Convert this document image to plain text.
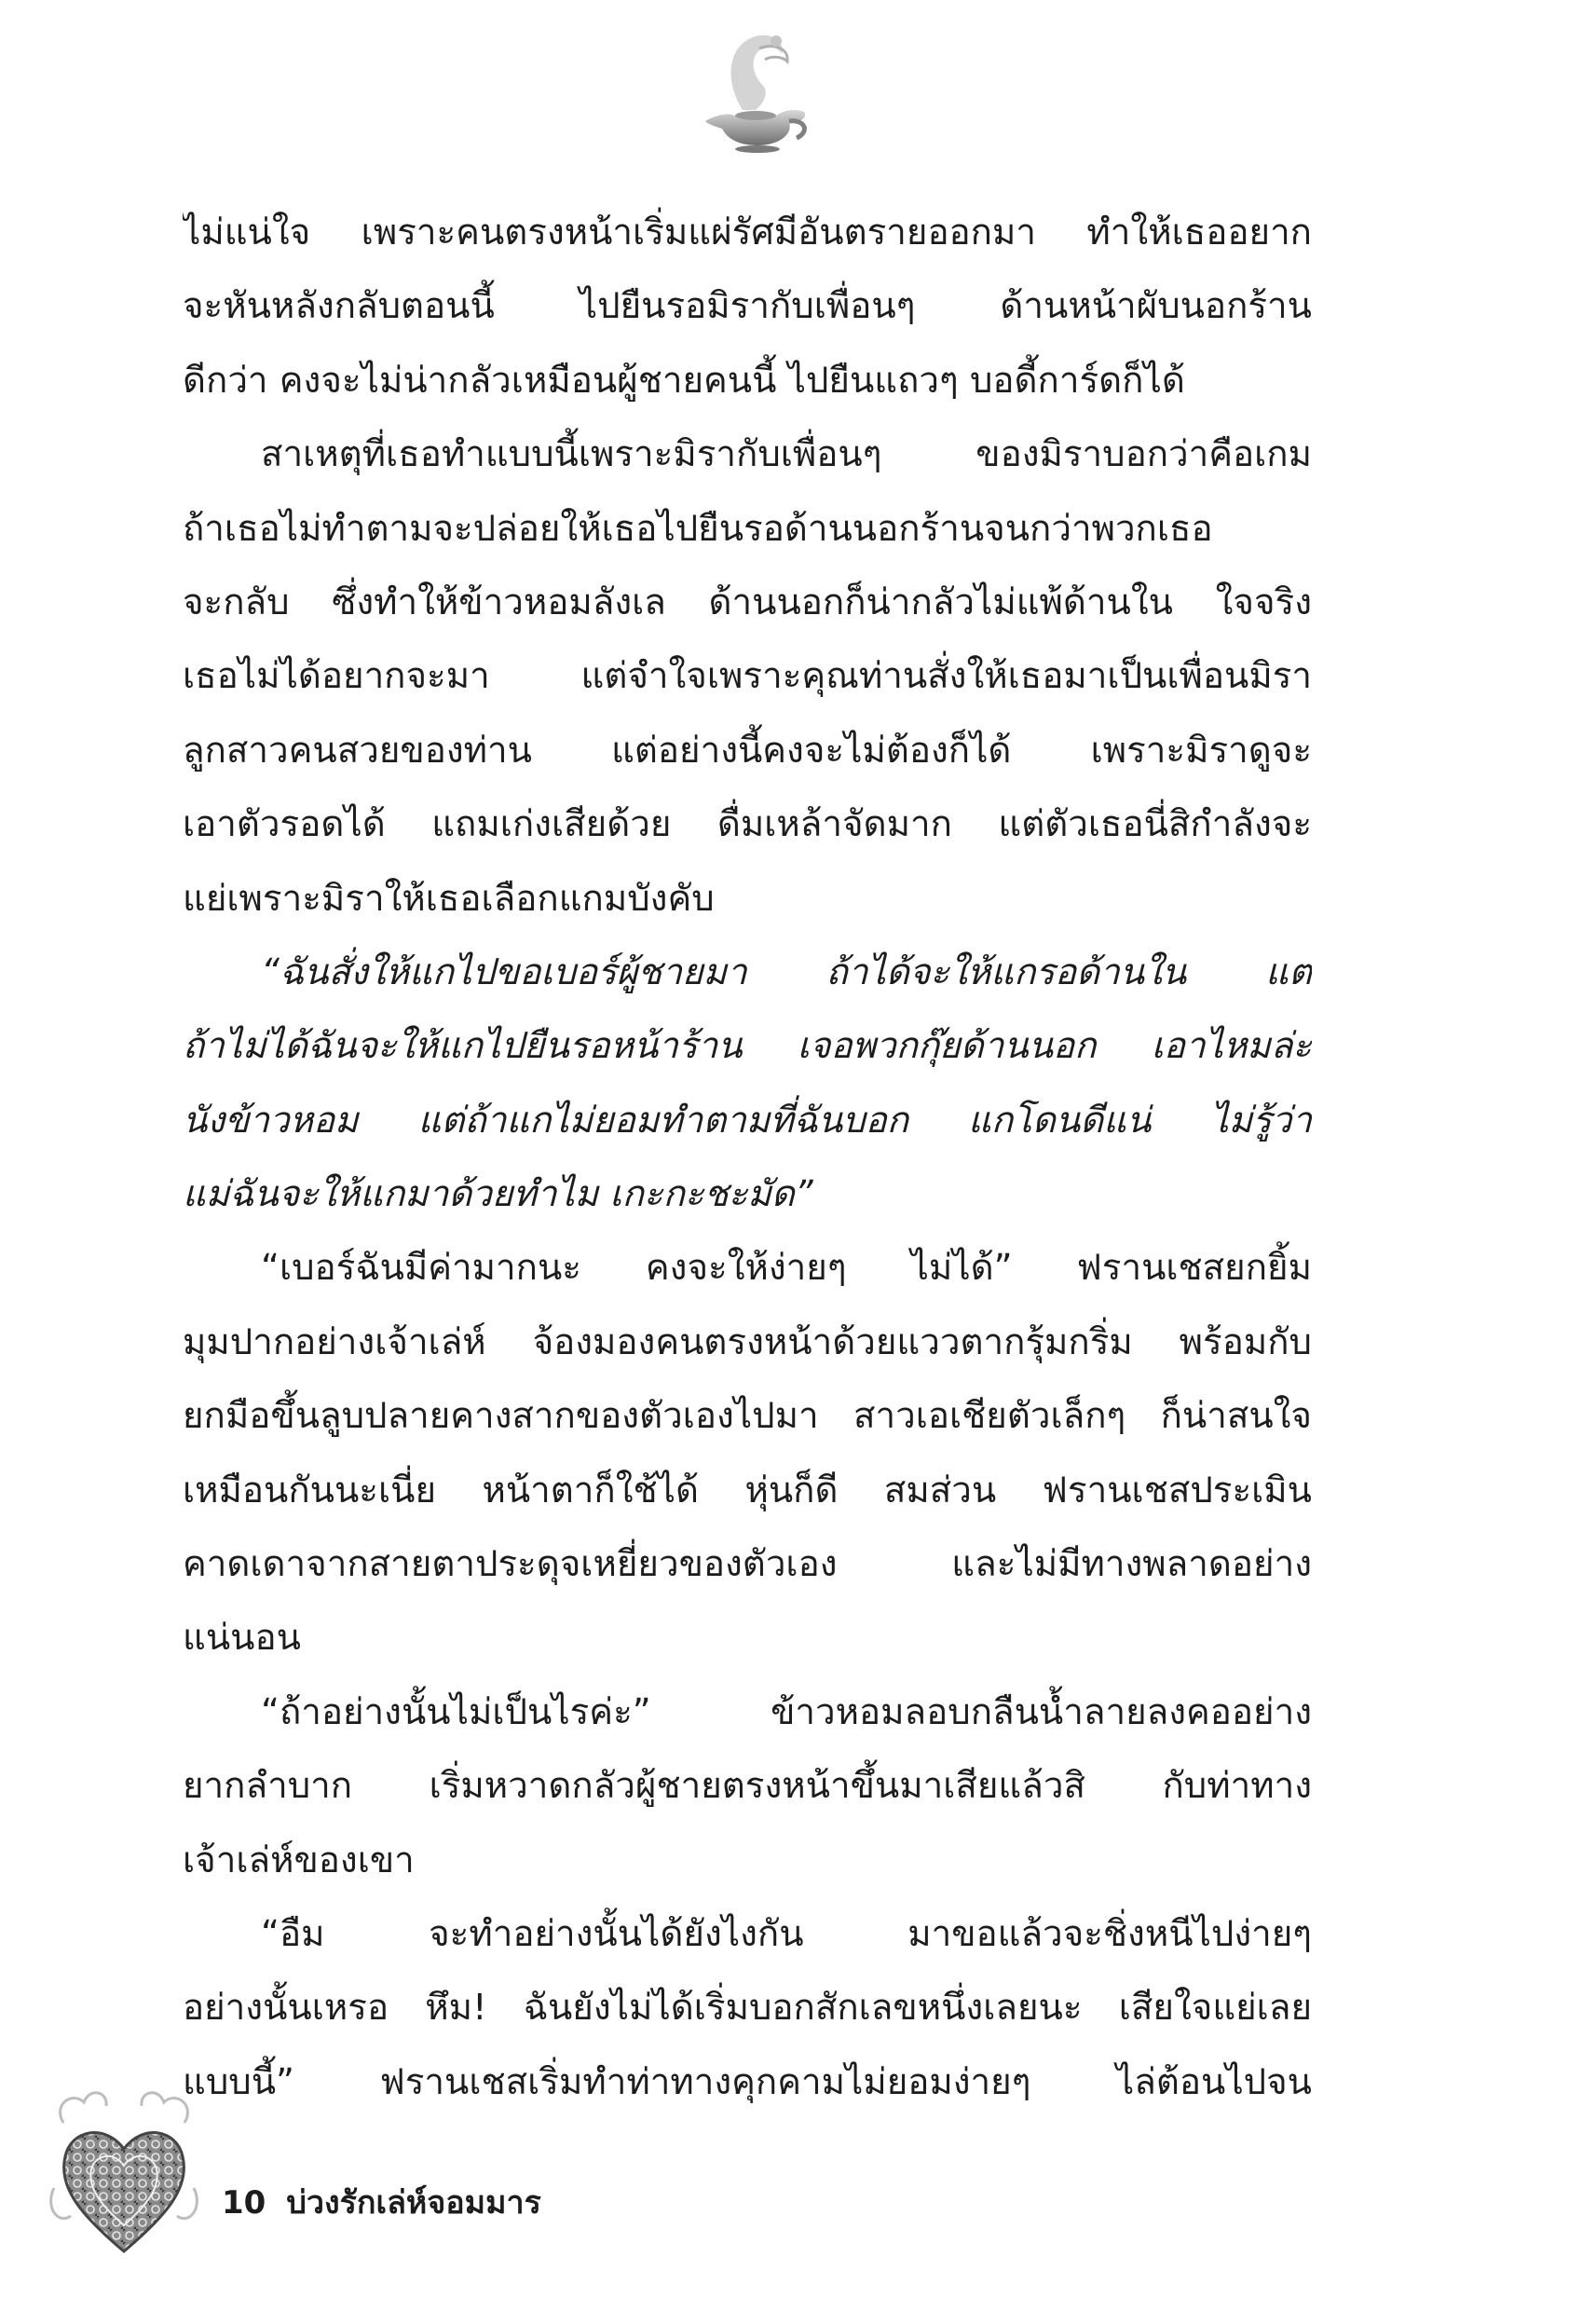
ไม่แน่ใจ เพราะคนตรงหน้าเริ่มแผ่รัศมีอันตรายออกมา ทำให้เธออยาก
จะหันหลังกลับตอนนี้ ไปยืนรอมิรากับเพื่อนๆ ด้านหน้าผับนอกร้าน
ดีกว่า คงจะไม่น่ากลัวเหมือนผู้ชายคนนี้ ไปยืนแถวๆ บอดี้การ์ดก็ได้
สาเหตุที่เธอทำแบบนี้เพราะมิรากับเพื่อนๆ ของมิราบอกว่าคือเกม
ถ้าเธอไม่ทำตามจะปล่อยให้เธอไปยืนรอด้านนอกร้านจนกว่าพวกเธอ
จะกลับ ซึ่งทำให้ข้าวหอมลังเล ด้านนอกก็น่ากลัวไม่แพ้ด้านใน ใจจริง
เธอไม่ได้อยากจะมา แต่จำใจเพราะคุณท่านสั่งให้เธอมาเป็นเพื่อนมิรา
ลูกสาวคนสวยของท่าน แต่อย่างนี้คงจะไม่ต้องก็ได้ เพราะมิราดูจะ
เอาตัวรอดได้ แถมเก่งเสียด้วย ดื่มเหล้าจัดมาก แต่ตัวเธอนี่สิกำลังจะ
แย่เพราะมิราให้เธอเลือกแกมบังคับ
“ฉันสั่งให้แกไปขอเบอร์ผู้ชายมา ถ้าได้จะให้แกรอด้านใน แต่
ถ้าไม่ได้ฉันจะให้แกไปยืนรอหน้าร้าน เจอพวกกุ๊ยด้านนอก เอาไหมล่ะ
นังข้าวหอม แต่ถ้าแกไม่ยอมทำตามที่ฉันบอก แกโดนดีแน่ ไม่รู้ว่า
แม่ฉันจะให้แกมาด้วยทำไม เกะกะชะมัด”
“เบอร์ฉันมีค่ามากนะ คงจะให้ง่ายๆ ไม่ได้” ฟรานเชสยกยิ้ม
มุมปากอย่างเจ้าเล่ห์ จ้องมองคนตรงหน้าด้วยแววตากรุ้มกริ่ม พร้อมกับ
ยกมือขึ้นลูบปลายคางสากของตัวเองไปมา สาวเอเชียตัวเล็กๆ ก็น่าสนใจ
เหมือนกันนะเนี่ย หน้าตาก็ใช้ได้ หุ่นก็ดี สมส่วน ฟรานเชสประเมิน
คาดเดาจากสายตาประดุจเหยี่ยวของตัวเอง และไม่มีทางพลาดอย่าง
แน่นอน
“ถ้าอย่างนั้นไม่เป็นไรค่ะ” ข้าวหอมลอบกลืนน้ำลายลงคออย่าง
ยากลำบาก เริ่มหวาดกลัวผู้ชายตรงหน้าขึ้นมาเสียแล้วสิ กับท่าทาง
เจ้าเล่ห์ของเขา
“อืม จะทำอย่างนั้นได้ยังไงกัน มาขอแล้วจะชิ่งหนีไปง่ายๆ
อย่างนั้นเหรอ หึม! ฉันยังไม่ได้เริ่มบอกสักเลขหนึ่งเลยนะ เสียใจแย่เลย
แบบนี้” ฟรานเชสเริ่มทำท่าทางคุกคามไม่ยอมง่ายๆ ไล่ต้อนไปจน
10 บ่วงรักเล่ห์จอมมาร
